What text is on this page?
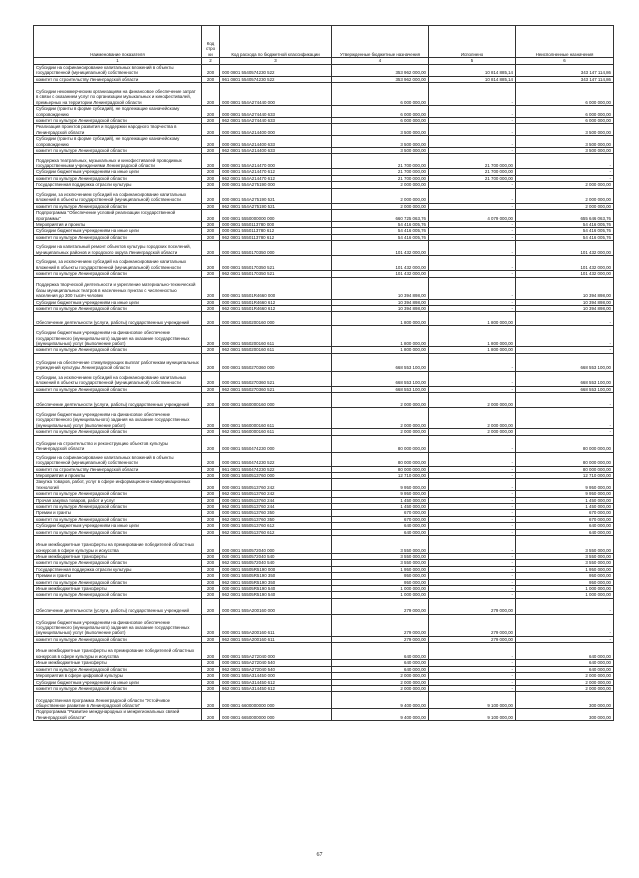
Наименование показателя	Код стро ки	Код расхода по бюджетной классификации	Утвержденные бюджетные назначения	Исполнено	Неисполненные назначения
1	2	3	4	5	6
Субсидии на софинансирование капитальных вложений в объекты государственной (муниципальной) собственности	200	000 0801 5540574230 522	353 962 000,00	10 814 885,14	343 147 114,86
комитет по строительству Ленинградской области	200	961 0801 5540574230 522	353 962 000,00	10 814 885,14	343 147 114,86
Субсидии некоммерческим организациям на финансовое обеспечение затрат в связи с оказанием услуг по организации музыкальных и кинофестивалей, премьерных на территории Ленинградской области	200	000 0801 554А274440 000	6 000 000,00	-	6 000 000,00
Субсидии (гранты в форме субсидий), не подлежащие казначейскому сопровождению	200	000 0801 554А274440 633	6 000 000,00	-	6 000 000,00
комитет по культуре Ленинградской области	200	962 0801 554А274440 633	6 000 000,00	-	6 000 000,00
Реализация проектов развития и поддержки народного творчества в Ленинградской области	200	000 0801 554А214400 000	3 500 000,00	-	3 500 000,00
Субсидии (гранты в форме субсидий), не подлежащие казначейскому сопровождению	200	000 0801 554А214400 633	3 500 000,00	-	3 500 000,00
комитет по культуре Ленинградской области	200	962 0801 554А214400 633	3 500 000,00	-	3 500 000,00
Поддержка театральных, музыкальных и кинофестивалей проводимых государственными учреждениями Ленинградской области	200	000 0801 554А214470 000	21 700 000,00	21 700 000,00	-
Субсидии бюджетным учреждениям на иные цели	200	000 0801 554А214470 612	21 700 000,00	21 700 000,00	-
комитет по культуре Ленинградской области	200	962 0801 554А214470 612	21 700 000,00	21 700 000,00	-
Государственная поддержка отрасли культуры	200	000 0801 554А275190 000	2 000 000,00	-	2 000 000,00
Субсидии, за исключением субсидий на софинансирование капитальных вложений в объекты государственной (муниципальной) собственности	200	000 0801 554А275190 521	2 000 000,00	-	2 000 000,00
комитет по культуре Ленинградской области	200	962 0801 554А275190 521	2 000 000,00	-	2 000 000,00
Подпрограмма "Обеспечение условий реализации государственной программы"	200	000 0801 5550000000 000	660 725 063,76	4 079 000,00	655 646 063,76
Мероприятия и проекты	200	000 0801 5550113780 000	54 416 005,76	-	54 416 005,76
Субсидии бюджетным учреждениям на иные цели	200	000 0801 5550113780 612	54 416 005,76	-	54 416 005,76
комитет по культуре Ленинградской области	200	962 0801 5550113780 612	54 416 005,76	-	54 416 005,76
Субсидии на капитальный ремонт объектов культуры городских поселений, муниципальных районов и городского округа Ленинградской области	200	000 0801 5550170350 000	101 432 000,00	-	101 432 000,00
Субсидии, за исключением субсидий на софинансирование капитальных вложений в объекты государственной (муниципальной) собственности	200	000 0801 5550170350 521	101 432 000,00	-	101 432 000,00
комитет по культуре Ленинградской области	200	962 0801 5550170350 521	101 432 000,00	-	101 432 000,00
Поддержка творческой деятельности и укрепление материально-технической базы муниципальных театров в населенных пунктах с численностью населения до 300 тысяч человек	200	000 0801 55501R4660 000	10 394 898,00	-	10 394 898,00
Субсидии бюджетным учреждениям на иные цели	200	000 0801 55501R4660 612	10 394 898,00	-	10 394 898,00
комитет по культуре Ленинградской области	200	962 0801 55501R4660 612	10 394 898,00	-	10 394 898,00
Обеспечение деятельности (услуги, работы) государственных учреждений	200	000 0801 5550200160 000	1 800 000,00	1 800 000,00	-
Субсидии бюджетным учреждениям на финансовое обеспечение государственного (муниципального) задания на оказание государственных (муниципальных) услуг (выполнение работ)	200	000 0801 5550200160 611	1 800 000,00	1 800 000,00	-
комитет по культуре Ленинградской области	200	962 0801 5550200160 611	1 800 000,00	1 800 000,00	-
Субсидии на обеспечение стимулирующих выплат работникам муниципальных учреждений культуры Ленинградской области	200	000 0801 5550270360 000	668 553 100,00	-	668 553 100,00
Субсидии, за исключением субсидий на софинансирование капитальных вложений в объекты государственной (муниципальной) собственности	200	000 0801 5550270360 521	668 553 100,00	-	668 553 100,00
комитет по культуре Ленинградской области	200	962 0801 5550270360 521	668 553 100,00	-	668 553 100,00
Обеспечение деятельности (услуги, работы) государственных учреждений	200	000 0801 5560000160 000	2 000 000,00	2 000 000,00	-
Субсидии бюджетным учреждениям на финансовое обеспечение государственного (муниципального) задания на оказание государственных (муниципальных) услуг (выполнение работ)	200	000 0801 5560000160 611	2 000 000,00	2 000 000,00	-
комитет по культуре Ленинградской области	200	962 0801 5560000160 611	2 000 000,00	2 000 000,00	-
Субсидии на строительство и реконструкцию объектов культуры Ленинградской области	200	000 0801 5550474230 000	80 000 000,00	-	80 000 000,00
Субсидии на софинансирование капитальных вложений в объекты государственной (муниципальной) собственности	200	000 0801 5550474230 522	80 000 000,00	-	80 000 000,00
комитет по строительству Ленинградской области	200	961 0801 5550474230 522	80 000 000,00	-	80 000 000,00
Мероприятия и проекты	200	000 0801 5550513760 000	12 710 000,00	-	12 710 000,00
Закупка товаров, работ, услуг в сфере информационно-коммуникационных технологий	200	000 0801 5550513760 242	9 950 000,00	-	9 950 000,00
комитет по культуре Ленинградской области	200	962 0801 5550513760 242	9 950 000,00	-	9 950 000,00
Прочая закупка товаров, работ и услуг	200	000 0801 5550513760 244	1 450 000,00	-	1 450 000,00
комитет по культуре Ленинградской области	200	962 0801 5550513760 244	1 450 000,00	-	1 450 000,00
Премии и гранты	200	000 0801 5550513760 350	670 000,00	-	670 000,00
комитет по культуре Ленинградской области	200	962 0801 5550513760 350	670 000,00	-	670 000,00
Субсидии бюджетным учреждениям на иные цели	200	000 0801 5550513760 612	640 000,00	-	640 000,00
комитет по культуре Ленинградской области	200	962 0801 5550513760 612	640 000,00	-	640 000,00
Иные межбюджетные трансферты на премирование победителей областных конкурсов в сфере культуры и искусства	200	000 0801 5550572040 000	3 550 000,00	-	3 550 000,00
Иные межбюджетные трансферты	200	000 0801 5550572040 540	3 550 000,00	-	3 550 000,00
комитет по культуре Ленинградской области	200	962 0801 5550572040 540	3 550 000,00	-	3 550 000,00
Государственная поддержка отрасли культуры	200	000 0801 55505R5190 000	1 950 000,00	-	1 950 000,00
Премии и гранты	200	000 0801 55505R5190 350	950 000,00	-	950 000,00
комитет по культуре Ленинградской области	200	962 0801 55505R5190 350	950 000,00	-	950 000,00
Иные межбюджетные трансферты	200	000 0801 55505R5190 540	1 000 000,00	-	1 000 000,00
комитет по культуре Ленинградской области	200	962 0801 55505R5190 540	1 000 000,00	-	1 000 000,00
Обеспечение деятельности (услуги, работы) государственных учреждений	200	000 0801 555А200160 000	279 000,00	279 000,00	-
Субсидии бюджетным учреждениям на финансовое обеспечение государственного (муниципального) задания на оказание государственных (муниципальных) услуг (выполнение работ)	200	000 0801 555А200160 611	279 000,00	279 000,00	-
комитет по культуре Ленинградской области	200	962 0801 555А200160 611	279 000,00	279 000,00	-
Иные межбюджетные трансферты на премирование победителей областных конкурсов в сфере культуры и искусства	200	000 0801 555А272040 000	640 000,00	-	640 000,00
Иные межбюджетные трансферты	200	000 0801 555А272040 540	640 000,00	-	640 000,00
комитет по культуре Ленинградской области	200	962 0801 555А272040 540	640 000,00	-	640 000,00
Мероприятия в сфере цифровой культуры	200	000 0801 555А314450 000	2 000 000,00	-	2 000 000,00
Субсидии бюджетным учреждениям на иные цели	200	000 0801 555А314450 612	2 000 000,00	-	2 000 000,00
комитет по культуре Ленинградской области	200	962 0801 555А314450 612	2 000 000,00	-	2 000 000,00
Государственная программа Ленинградской области "Устойчивое общественное развитие в Ленинградской области"	200	000 0801 6600000000 000	9 400 000,00	9 100 000,00	300 000,00
Подпрограмма "Развитие международных и межрегиональных связей Ленинградской области"	200	000 0801 6650000000 000	9 400 000,00	9 100 000,00	300 000,00
67
